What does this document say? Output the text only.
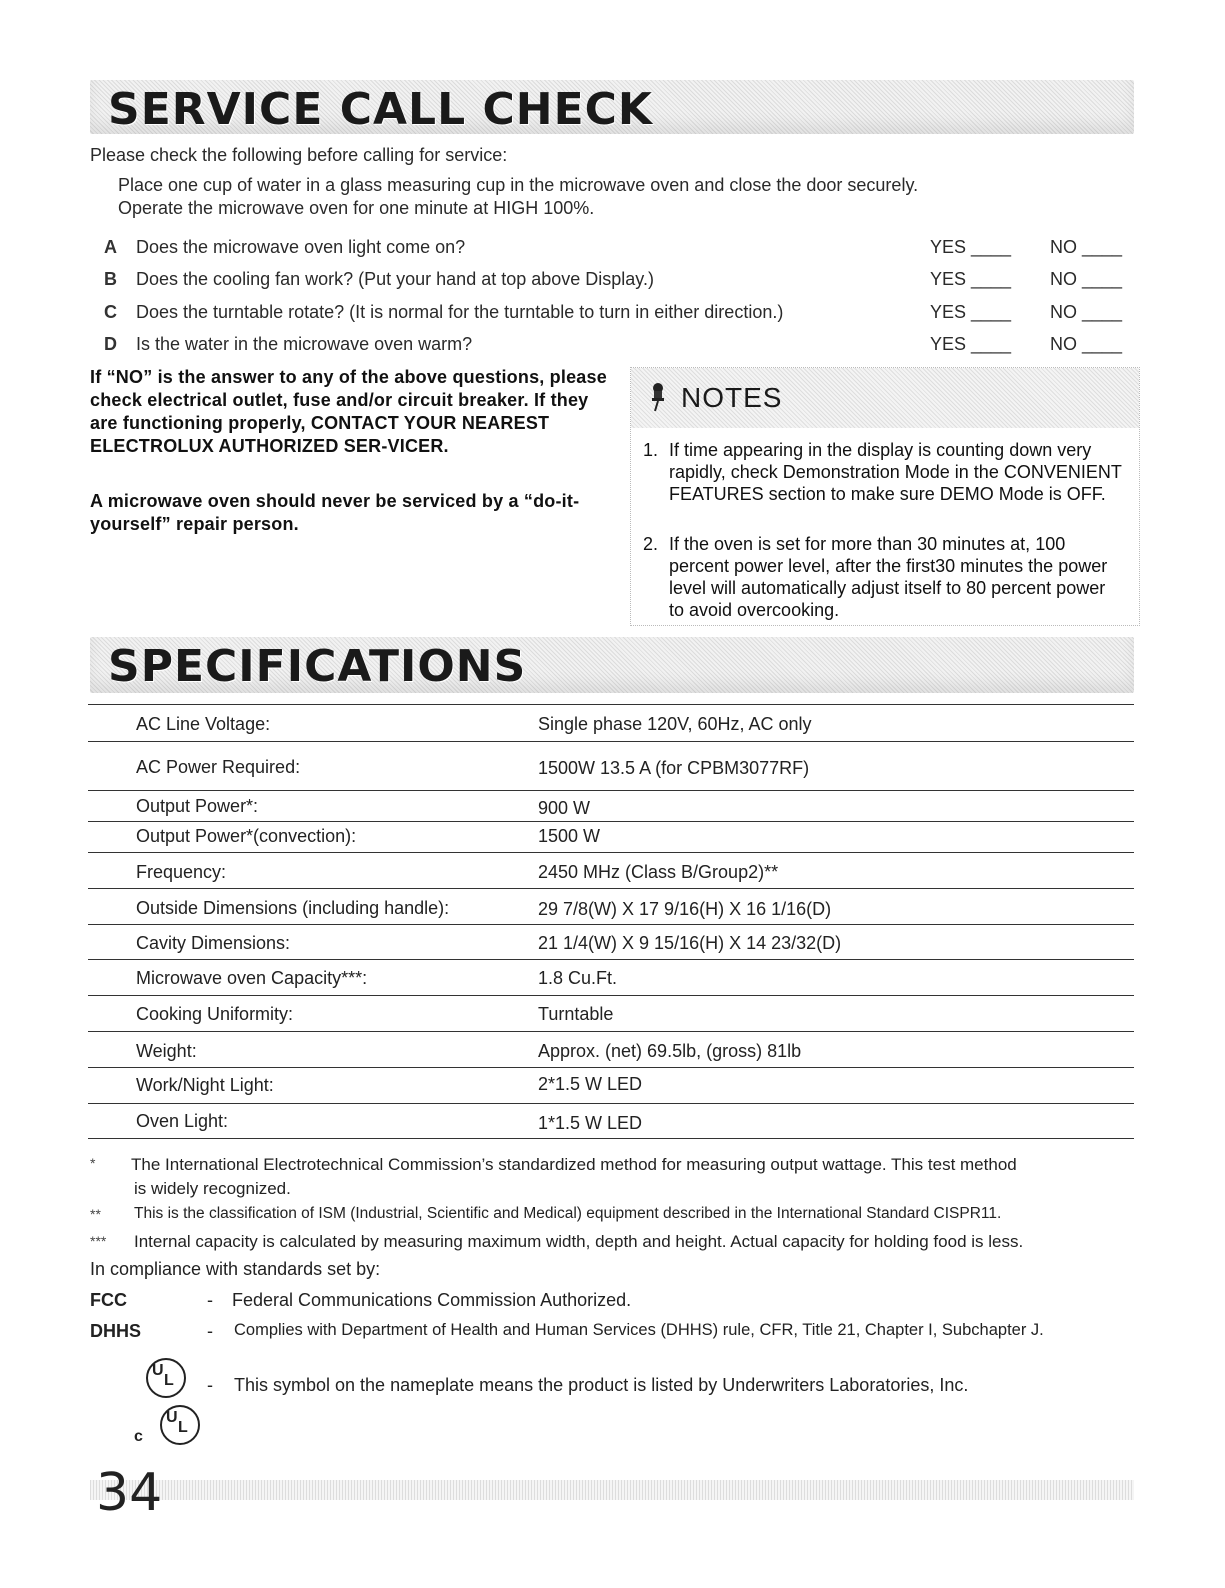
SERVICE CALL CHECK
Please check the following before calling for service:
Place one cup of water in a glass measuring cup in the microwave oven and close the door securely.
Operate the microwave oven for one minute at HIGH 100%.
A Does the microwave oven light come on?	YES ____ NO ____
B Does the cooling fan work? (Put your hand at top above Display.)	YES ____ NO ____
C Does the turntable rotate? (It is normal for the turntable to turn in either direction.)	YES ____ NO ____
D Is the water in the microwave oven warm?	YES ____ NO ____
If “NO” is the answer to any of the above questions, please check electrical outlet, fuse and/or circuit breaker. If they are functioning properly, CONTACT YOUR NEAREST ELECTROLUX AUTHORIZED SER-VICER.
A microwave oven should never be serviced by a “do-it-yourself” repair person.
NOTES
1. If time appearing in the display is counting down very rapidly, check Demonstration Mode in the CONVENIENT FEATURES section to make sure DEMO Mode is OFF.
2. If the oven is set for more than 30 minutes at, 100 percent power level, after the first30 minutes the power level will automatically adjust itself to 80 percent power to avoid overcooking.
SPECIFICATIONS
AC Line Voltage:	Single phase 120V, 60Hz, AC only
AC Power Required:	1500W 13.5 A (for CPBM3077RF)
Output Power*:	900 W
Output Power*(convection):	1500 W
Frequency:	2450 MHz (Class B/Group2)**
Outside Dimensions (including handle):	29 7/8(W) X 17 9/16(H) X 16 1/16(D)
Cavity Dimensions:	21 1/4(W) X 9 15/16(H) X 14 23/32(D)
Microwave oven Capacity***:	1.8 Cu.Ft.
Cooking Uniformity:	Turntable
Weight:	Approx. (net) 69.5lb, (gross) 81lb
Work/Night Light:	2*1.5 W LED
Oven Light:	1*1.5 W LED
* The International Electrotechnical Commission’s standardized method for measuring output wattage. This test method
is widely recognized.
** This is the classification of ISM (Industrial, Scientific and Medical) equipment described in the International Standard CISPR11.
*** Internal capacity is calculated by measuring maximum width, depth and height. Actual capacity for holding food is less.
In compliance with standards set by:
FCC	- Federal Communications Commission Authorized.
DHHS	- Complies with Department of Health and Human Services (DHHS) rule, CFR, Title 21, Chapter I, Subchapter J.
U
L - This symbol on the nameplate means the product is listed by Underwriters Laboratories, Inc.
c
U
L
34
